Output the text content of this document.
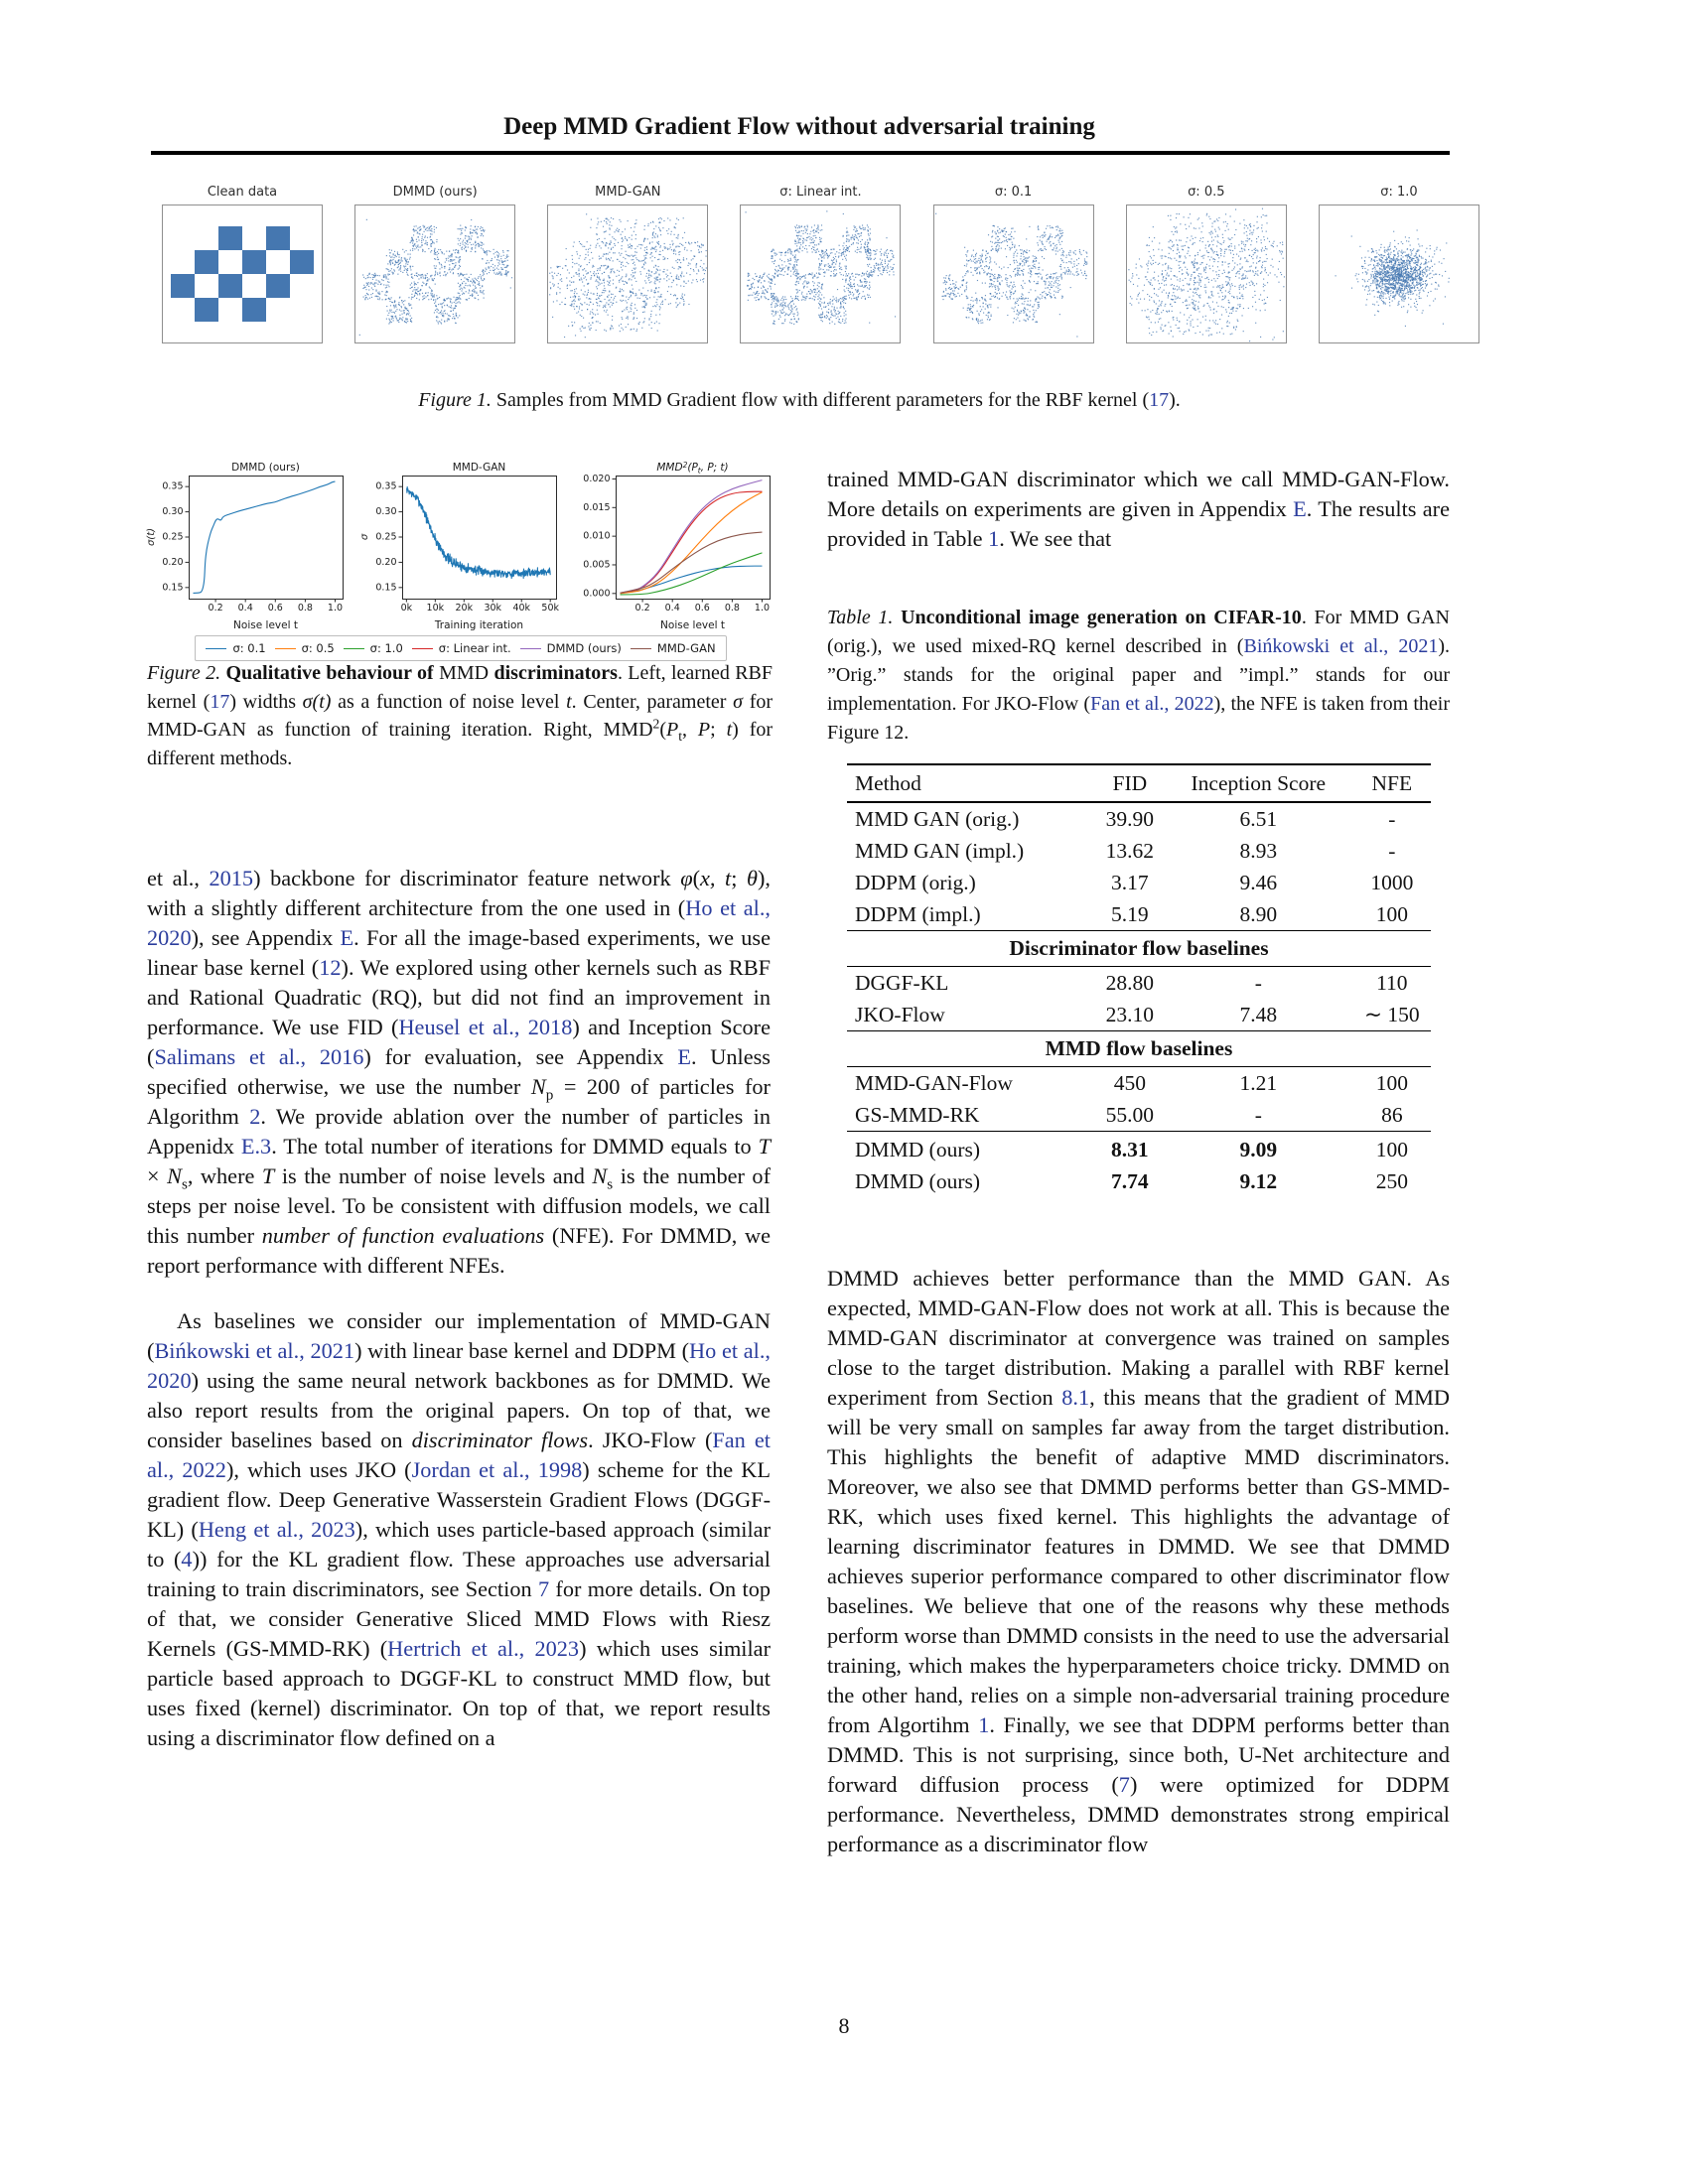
Deep MMD Gradient Flow without adversarial training
Clean data	DMMD (ours)	MMD-GAN	σ: Linear int.	σ: 0.1	σ: 0.5	σ: 1.0
Figure 1. Samples from MMD Gradient flow with different parameters for the RBF kernel (17).
σ: 0.1	σ: 0.5	σ: 1.0	σ: Linear int.	DMMD (ours)	MMD-GAN
Figure 2. Qualitative behaviour of MMD discriminators. Left, learned RBF kernel (17) widths σ(t) as a function of noise level t. Center, parameter σ for MMD-GAN as function of training iteration. Right, $MMD^2(P_t$, P; t) for different methods.

et al., 2015) backbone for discriminator feature network φ(x, t; θ), with a slightly different architecture from the one used in (Ho et al., 2020), see Appendix E. For all the image-based experiments, we use linear base kernel (12). We explored using other kernels such as RBF and Rational Quadratic (RQ), but did not find an improvement in performance. We use FID (Heusel et al., 2018) and Inception Score (Salimans et al., 2016) for evaluation, see Appendix E. Unless specified otherwise, we use the number $N_p = 200$ of particles for Algorithm 2. We provide ablation over the number of particles in Appenidx E.3. The total number of iterations for DMMD equals to $T \times N_s$, where T is the number of noise levels and $N_s$ is the number of steps per noise level. To be consistent with diffusion models, we call this number number of function evaluations (NFE). For DMMD, we report performance with different NFEs.

As baselines we consider our implementation of MMD-GAN (Bińkowski et al., 2021) with linear base kernel and DDPM (Ho et al., 2020) using the same neural network backbones as for DMMD. We also report results from the original papers. On top of that, we consider baselines based on discriminator flows. JKO-Flow (Fan et al., 2022), which uses JKO (Jordan et al., 1998) scheme for the KL gradient flow. Deep Generative Wasserstein Gradient Flows (DGGF-KL) (Heng et al., 2023), which uses particle-based approach (similar to (4)) for the KL gradient flow. These approaches use adversarial training to train discriminators, see Section 7 for more details. On top of that, we consider Generative Sliced MMD Flows with Riesz Kernels (GS-MMD-RK) (Hertrich et al., 2023) which uses similar particle based approach to DGGF-KL to construct MMD flow, but uses fixed (kernel) discriminator. On top of that, we report results using a discriminator flow defined on a

trained MMD-GAN discriminator which we call MMD-GAN-Flow. More details on experiments are given in Appendix E. The results are provided in Table 1. We see that

Table 1. Unconditional image generation on CIFAR-10. For MMD GAN (orig.), we used mixed-RQ kernel described in (Bińkowski et al., 2021). ”Orig.” stands for the original paper and ”impl.” stands for our implementation. For JKO-Flow (Fan et al., 2022), the NFE is taken from their Figure 12.
Method	FID	Inception Score	NFE
MMD GAN (orig.)	39.90	6.51	-
MMD GAN (impl.)	13.62	8.93	-
DDPM (orig.)	3.17	9.46	1000
DDPM (impl.)	5.19	8.90	100
Discriminator flow baselines			
DGGF-KL	28.80	-	110
JKO-Flow	23.10	7.48	∼ 150
MMD flow baselines			
MMD-GAN-Flow	450	1.21	100
GS-MMD-RK	55.00	-	86
DMMD (ours)	8.31	9.09	100
DMMD (ours)	7.74	9.12	250

DMMD achieves better performance than the MMD GAN. As expected, MMD-GAN-Flow does not work at all. This is because the MMD-GAN discriminator at convergence was trained on samples close to the target distribution. Making a parallel with RBF kernel experiment from Section 8.1, this means that the gradient of MMD will be very small on samples far away from the target distribution. This highlights the benefit of adaptive MMD discriminators. Moreover, we also see that DMMD performs better than GS-MMD-RK, which uses fixed kernel. This highlights the advantage of learning discriminator features in DMMD. We see that DMMD achieves superior performance compared to other discriminator flow baselines. We believe that one of the reasons why these methods perform worse than DMMD consists in the need to use the adversarial training, which makes the hyperparameters choice tricky. DMMD on the other hand, relies on a simple non-adversarial training procedure from Algortihm 1. Finally, we see that DDPM performs better than DMMD. This is not surprising, since both, U-Net architecture and forward diffusion process (7) were optimized for DDPM performance. Nevertheless, DMMD demonstrates strong empirical performance as a discriminator flow

8
